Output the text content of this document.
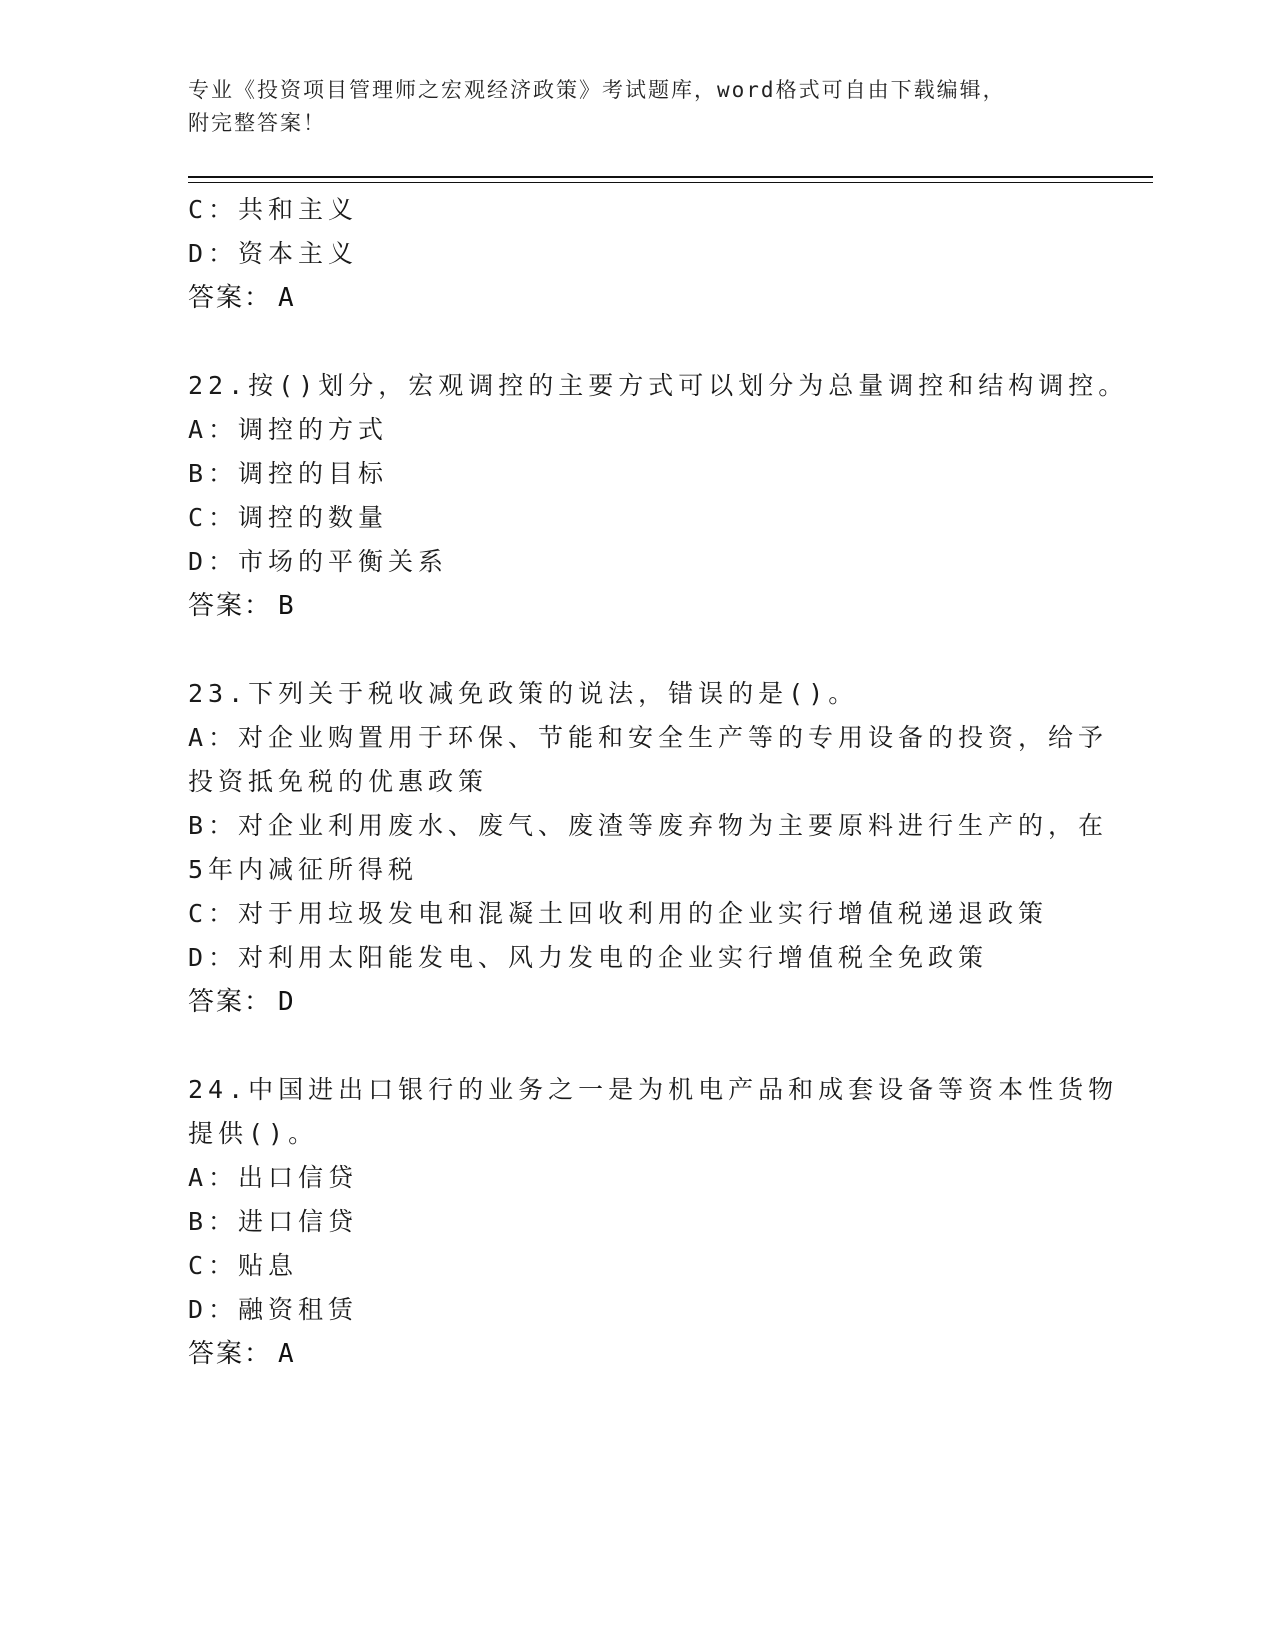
专业《投资项目管理师之宏观经济政策》考试题库，word格式可自由下载编辑，
附完整答案！
C：共和主义
D：资本主义
答案： A
22.按()划分，宏观调控的主要方式可以划分为总量调控和结构调控。
A：调控的方式
B：调控的目标
C：调控的数量
D：市场的平衡关系
答案： B
23.下列关于税收减免政策的说法，错误的是()。
A：对企业购置用于环保、节能和安全生产等的专用设备的投资，给予
投资抵免税的优惠政策
B：对企业利用废水、废气、废渣等废弃物为主要原料进行生产的，在
5年内减征所得税
C：对于用垃圾发电和混凝土回收利用的企业实行增值税递退政策
D：对利用太阳能发电、风力发电的企业实行增值税全免政策
答案： D
24.中国进出口银行的业务之一是为机电产品和成套设备等资本性货物
提供()。
A：出口信贷
B：进口信贷
C：贴息
D：融资租赁
答案： A
